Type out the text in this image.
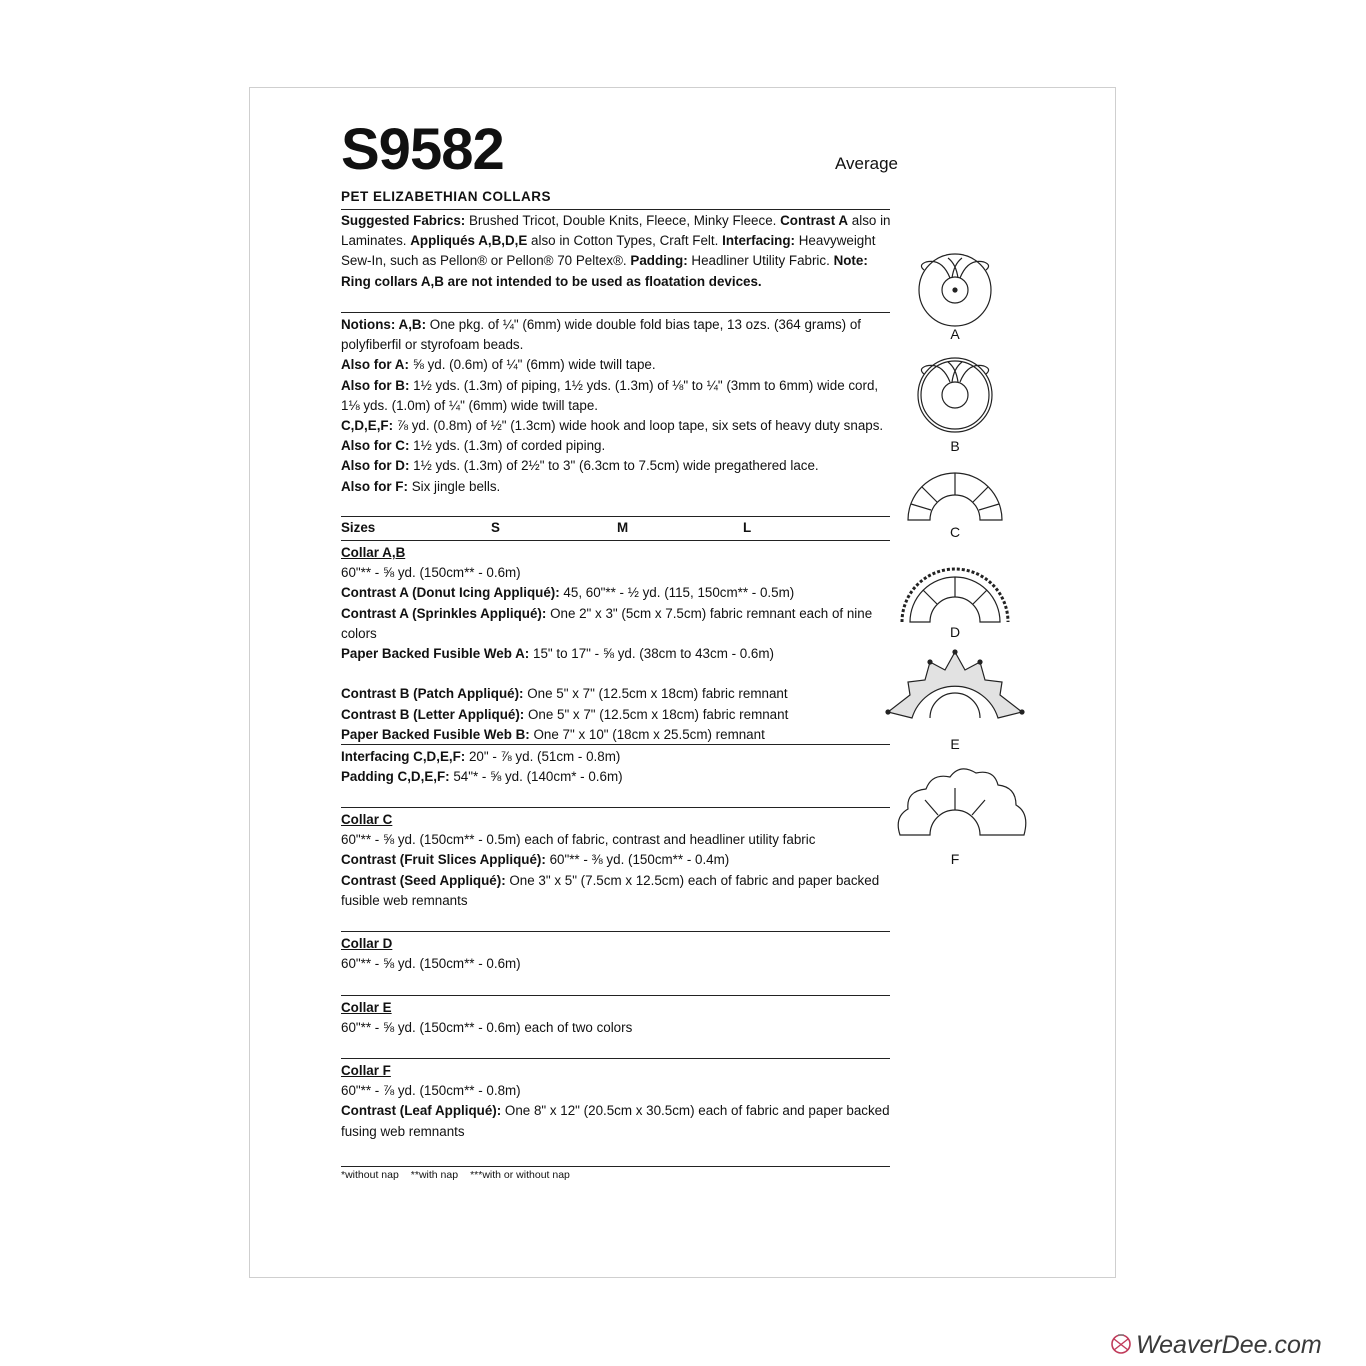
S9582	Average
PET ELIZABETHIAN COLLARS

Suggested Fabrics: Brushed Tricot, Double Knits, Fleece, Minky Fleece. Contrast A also in Laminates. Appliqués A,B,D,E also in Cotton Types, Craft Felt. Interfacing: Heavyweight Sew-In, such as Pellon® or Pellon® 70 Peltex®. Padding: Headliner Utility Fabric. Note: Ring collars A,B are not intended to be used as floatation devices.

Notions: A,B: One pkg. of ¼" (6mm) wide double fold bias tape, 13 ozs. (364 grams) of polyfiberfil or styrofoam beads.

Also for A: ⅝ yd. (0.6m) of ¼" (6mm) wide twill tape.

Also for B: 1½ yds. (1.3m) of piping, 1½ yds. (1.3m) of ⅛" to ¼" (3mm to 6mm) wide cord, 1⅛ yds. (1.0m) of ¼" (6mm) wide twill tape.

C,D,E,F: ⅞ yd. (0.8m) of ½" (1.3cm) wide hook and loop tape, six sets of heavy duty snaps.

Also for C: 1½ yds. (1.3m) of corded piping.

Also for D: 1½ yds. (1.3m) of 2½" to 3" (6.3cm to 7.5cm) wide pregathered lace.

Also for F: Six jingle bells.

Sizes	S	M	L

Collar A,B

60"** - ⅝ yd. (150cm** - 0.6m)

Contrast A (Donut Icing Appliqué): 45, 60"** - ½ yd. (115, 150cm** - 0.5m)

Contrast A (Sprinkles Appliqué): One 2" x 3" (5cm x 7.5cm) fabric remnant each of nine colors

Paper Backed Fusible Web A: 15" to 17" - ⅝ yd. (38cm to 43cm - 0.6m)

Contrast B (Patch Appliqué): One 5" x 7" (12.5cm x 18cm) fabric remnant

Contrast B (Letter Appliqué): One 5" x 7" (12.5cm x 18cm) fabric remnant

Paper Backed Fusible Web B: One 7" x 10" (18cm x 25.5cm) remnant

Interfacing C,D,E,F: 20" - ⅞ yd. (51cm - 0.8m)

Padding C,D,E,F: 54"* - ⅝ yd. (140cm* - 0.6m)

Collar C

60"** - ⅝ yd. (150cm** - 0.5m) each of fabric, contrast and headliner utility fabric

Contrast (Fruit Slices Appliqué): 60"** - ⅜ yd. (150cm** - 0.4m)

Contrast (Seed Appliqué): One 3" x 5" (7.5cm x 12.5cm) each of fabric and paper backed fusible web remnants

Collar D

60"** - ⅝ yd. (150cm** - 0.6m)

Collar E

60"** - ⅝ yd. (150cm** - 0.6m) each of two colors

Collar F

60"** - ⅞ yd. (150cm** - 0.8m)

Contrast (Leaf Appliqué): One 8" x 12" (20.5cm x 30.5cm) each of fabric and paper backed fusing web remnants

*without nap **with nap ***with or without nap
A
B
C
D
E
F
WeaverDee.com
